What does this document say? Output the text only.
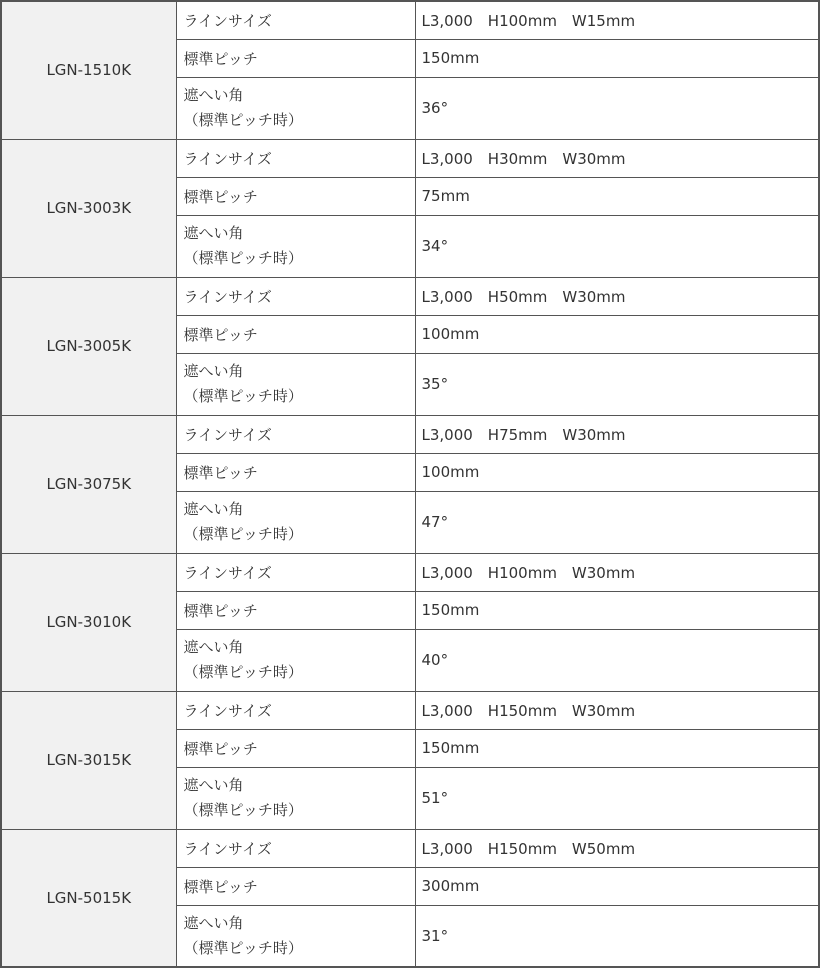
LGN-1510K	ラインサイズ	L3,000　H100mm　W15mm
	標準ピッチ	150mm

	遮へい角
（標準ピッチ時）	36°
LGN-3003K	ラインサイズ	L3,000　H30mm　W30mm
	標準ピッチ	75mm

	遮へい角
（標準ピッチ時）	34°
LGN-3005K	ラインサイズ	L3,000　H50mm　W30mm
	標準ピッチ	100mm

	遮へい角
（標準ピッチ時）	35°
LGN-3075K	ラインサイズ	L3,000　H75mm　W30mm
	標準ピッチ	100mm

	遮へい角
（標準ピッチ時）	47°
LGN-3010K	ラインサイズ	L3,000　H100mm　W30mm
	標準ピッチ	150mm

	遮へい角
（標準ピッチ時）	40°
LGN-3015K	ラインサイズ	L3,000　H150mm　W30mm
	標準ピッチ	150mm

	遮へい角
（標準ピッチ時）	51°
LGN-5015K	ラインサイズ	L3,000　H150mm　W50mm
	標準ピッチ	300mm

	遮へい角
（標準ピッチ時）	31°
